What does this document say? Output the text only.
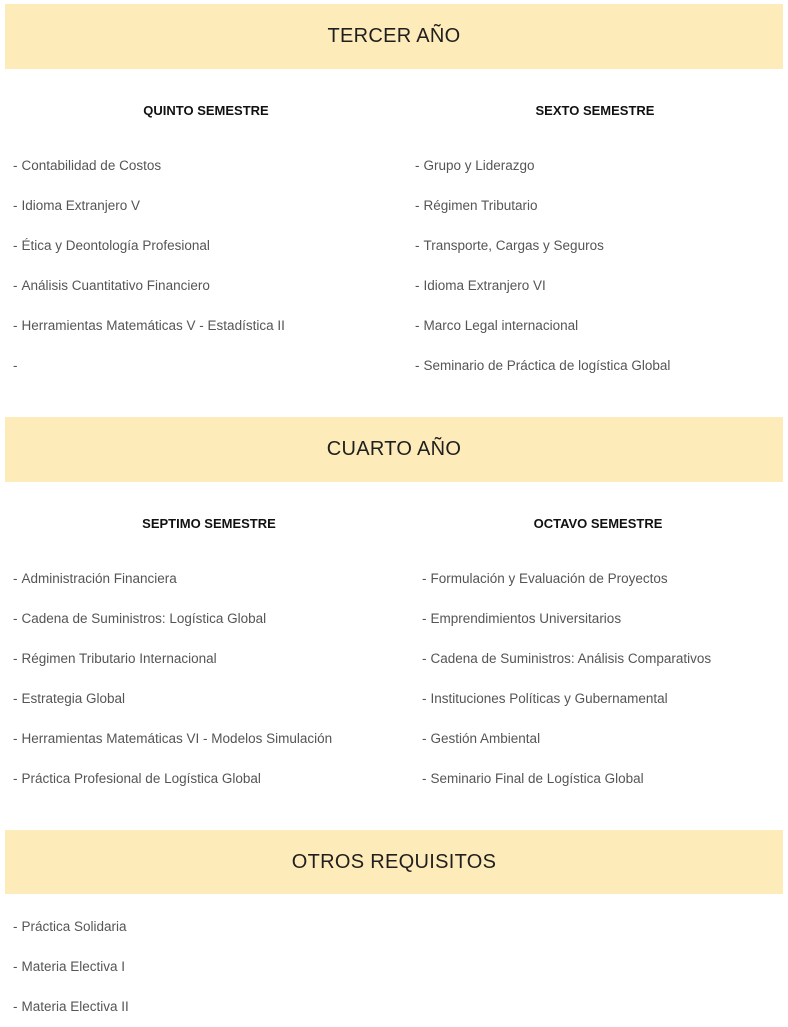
TERCER AÑO
QUINTO SEMESTRE	SEXTO SEMESTRE
- Contabilidad de Costos
- Idioma Extranjero V
- Ética y Deontología Profesional
- Análisis Cuantitativo Financiero
- Herramientas Matemáticas V - Estadística II
-
- Grupo y Liderazgo
- Régimen Tributario
- Transporte, Cargas y Seguros
- Idioma Extranjero VI
- Marco Legal internacional
- Seminario de Práctica de logística Global
CUARTO AÑO
SEPTIMO SEMESTRE	OCTAVO SEMESTRE
- Administración Financiera
- Cadena de Suministros: Logística Global
- Régimen Tributario Internacional
- Estrategia Global
- Herramientas Matemáticas VI - Modelos Simulación
- Práctica Profesional de Logística Global
- Formulación y Evaluación de Proyectos
- Emprendimientos Universitarios
- Cadena de Suministros: Análisis Comparativos
- Instituciones Políticas y Gubernamental
- Gestión Ambiental
- Seminario Final de Logística Global
OTROS REQUISITOS
- Práctica Solidaria
- Materia Electiva I
- Materia Electiva II
